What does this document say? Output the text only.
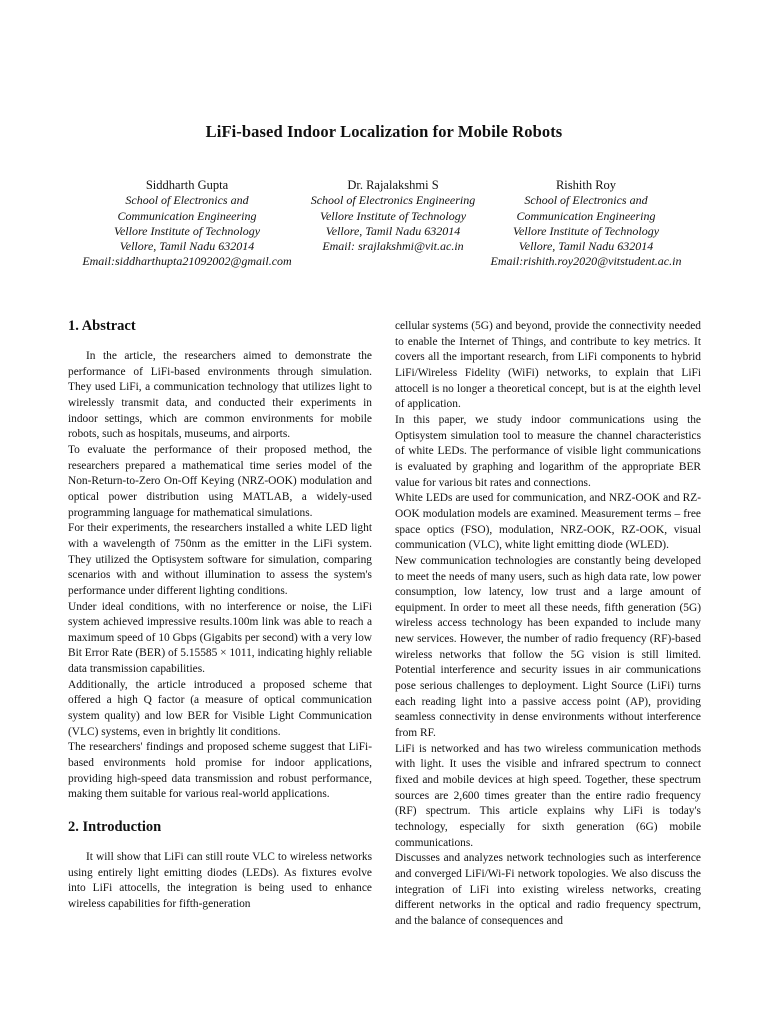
LiFi-based Indoor Localization for Mobile Robots
Siddharth Gupta
School of Electronics and
Communication Engineering
Vellore Institute of Technology
Vellore, Tamil Nadu 632014
Email:siddharthupta21092002@gmail.com
Dr. Rajalakshmi S
School of Electronics Engineering
Vellore Institute of Technology
Vellore, Tamil Nadu 632014
Email: srajlakshmi@vit.ac.in
Rishith Roy
School of Electronics and
Communication Engineering
Vellore Institute of Technology
Vellore, Tamil Nadu 632014
Email:rishith.roy2020@vitstudent.ac.in
1. Abstract

In the article, the researchers aimed to demonstrate the performance of LiFi-based environments through simulation. They used LiFi, a communication technology that utilizes light to wirelessly transmit data, and conducted their experiments in indoor settings, which are common environments for mobile robots, such as hospitals, museums, and airports.

To evaluate the performance of their proposed method, the researchers prepared a mathematical time series model of the Non-Return-to-Zero On-Off Keying (NRZ-OOK) modulation and optical power distribution using MATLAB, a widely-used programming language for mathematical simulations.

For their experiments, the researchers installed a white LED light with a wavelength of 750nm as the emitter in the LiFi system. They utilized the Optisystem software for simulation, comparing scenarios with and without illumination to assess the system's performance under different lighting conditions.

Under ideal conditions, with no interference or noise, the LiFi system achieved impressive results.100m link was able to reach a maximum speed of 10 Gbps (Gigabits per second) with a very low Bit Error Rate (BER) of 5.15585 × 1011, indicating highly reliable data transmission capabilities.

Additionally, the article introduced a proposed scheme that offered a high Q factor (a measure of optical communication system quality) and low BER for Visible Light Communication (VLC) systems, even in brightly lit conditions.

The researchers' findings and proposed scheme suggest that LiFi-based environments hold promise for indoor applications, providing high-speed data transmission and robust performance, making them suitable for various real-world applications.

2. Introduction

It will show that LiFi can still route VLC to wireless networks using entirely light emitting diodes (LEDs). As fixtures evolve into LiFi attocells, the integration is being used to enhance wireless capabilities for fifth-generation

cellular systems (5G) and beyond, provide the connectivity needed to enable the Internet of Things, and contribute to key metrics. It covers all the important research, from LiFi components to hybrid LiFi/Wireless Fidelity (WiFi) networks, to explain that LiFi attocell is no longer a theoretical concept, but is at the eighth level of application.

In this paper, we study indoor communications using the Optisystem simulation tool to measure the channel characteristics of white LEDs. The performance of visible light communications is evaluated by graphing and logarithm of the appropriate BER value for various bit rates and connections.

White LEDs are used for communication, and NRZ-OOK and RZ-OOK modulation models are examined. Measurement terms – free space optics (FSO), modulation, NRZ-OOK, RZ-OOK, visual communication (VLC), white light emitting diode (WLED).

New communication technologies are constantly being developed to meet the needs of many users, such as high data rate, low power consumption, low latency, low trust and a large amount of equipment. In order to meet all these needs, fifth generation (5G) wireless access technology has been expanded to include many new services. However, the number of radio frequency (RF)-based wireless networks that follow the 5G vision is still limited. Potential interference and security issues in air communications pose serious challenges to deployment. Light Source (LiFi) turns each reading light into a passive access point (AP), providing seamless connectivity in dense environments without interference from RF.

LiFi is networked and has two wireless communication methods with light. It uses the visible and infrared spectrum to connect fixed and mobile devices at high speed. Together, these spectrum sources are 2,600 times greater than the entire radio frequency (RF) spectrum. This article explains why LiFi is today's technology, especially for sixth generation (6G) mobile communications.

Discusses and analyzes network technologies such as interference and converged LiFi/Wi-Fi network topologies. We also discuss the integration of LiFi into existing wireless networks, creating different networks in the optical and radio frequency spectrum, and the balance of consequences and
